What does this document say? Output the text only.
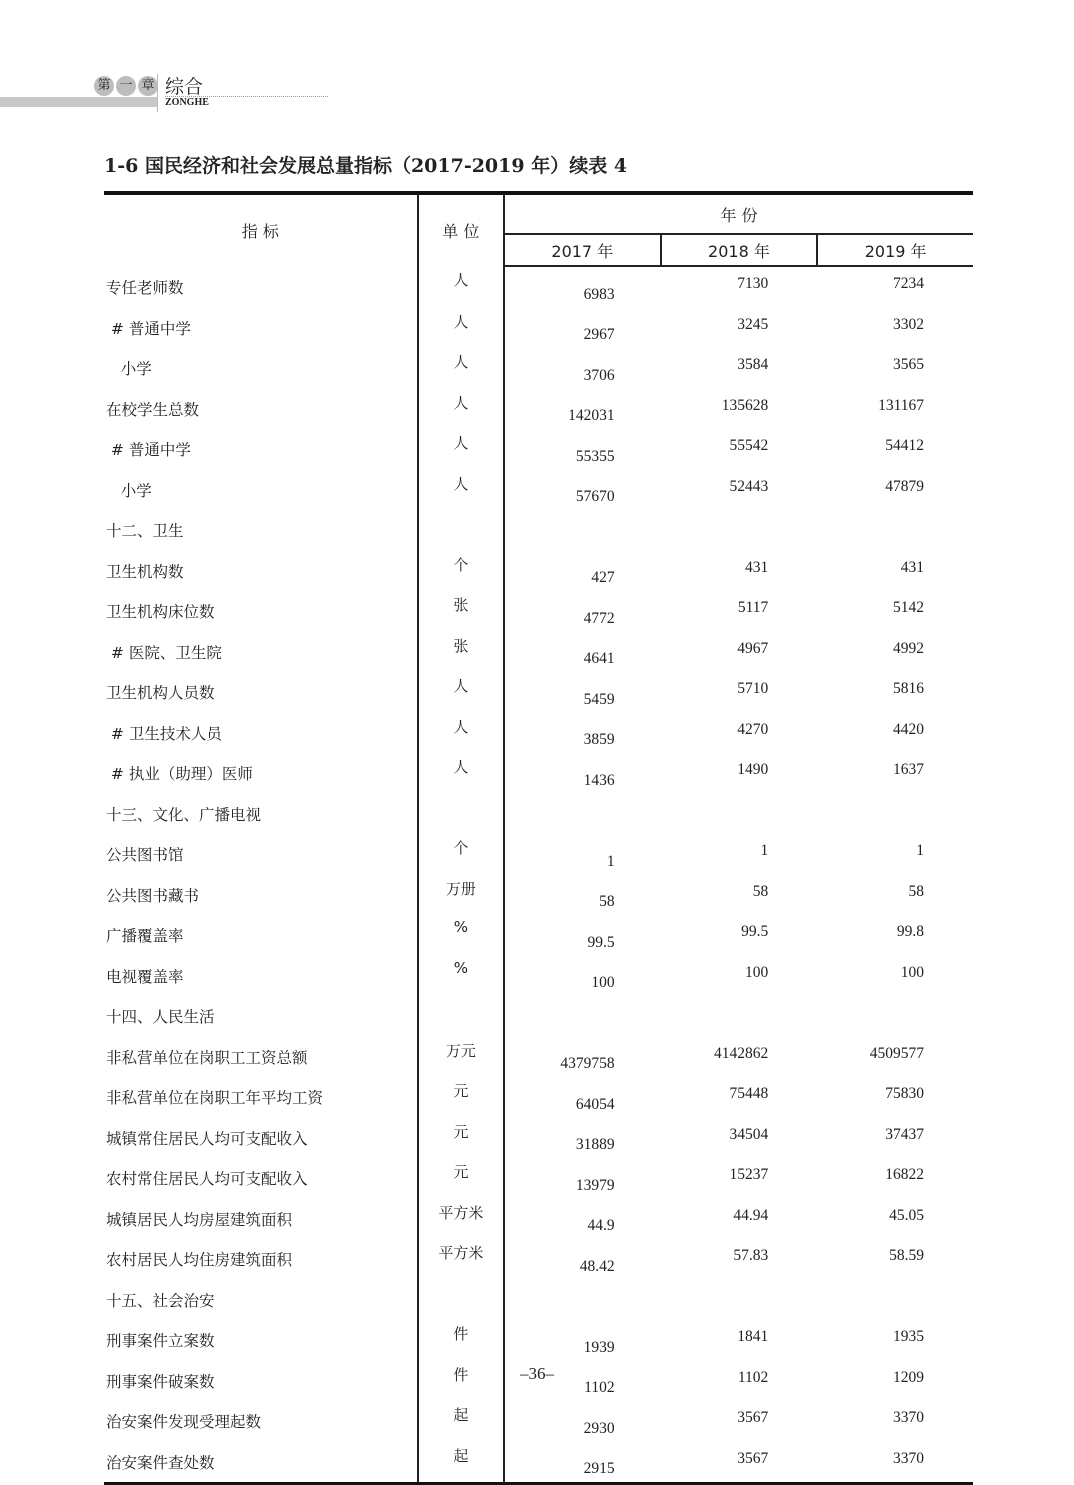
第 一 章 综合
ZONGHE
1-6 国民经济和社会发展总量指标（2017-2019 年）续表 4
指 标	单 位	年 份		
		2017 年	2018 年	2019 年
专任老师数	人	6983	7130	7234
# 普通中学	人	2967	3245	3302
小学	人	3706	3584	3565
在校学生总数	人	142031	135628	131167
# 普通中学	人	55355	55542	54412
小学	人	57670	52443	47879
十二、卫生				
卫生机构数	个	427	431	431
卫生机构床位数	张	4772	5117	5142
# 医院、卫生院	张	4641	4967	4992
卫生机构人员数	人	5459	5710	5816
# 卫生技术人员	人	3859	4270	4420
# 执业（助理）医师	人	1436	1490	1637
十三、文化、广播电视				
公共图书馆	个	1	1	1
公共图书藏书	万册	58	58	58
广播覆盖率	%	99.5	99.5	99.8
电视覆盖率	%	100	100	100
十四、人民生活				
非私营单位在岗职工工资总额	万元	4379758	4142862	4509577
非私营单位在岗职工年平均工资	元	64054	75448	75830
城镇常住居民人均可支配收入	元	31889	34504	37437
农村常住居民人均可支配收入	元	13979	15237	16822
城镇居民人均房屋建筑面积	平方米	44.9	44.94	45.05
农村居民人均住房建筑面积	平方米	48.42	57.83	58.59
十五、社会治安				
刑事案件立案数	件	1939	1841	1935
刑事案件破案数	件	1102	1102	1209
治安案件发现受理起数	起	2930	3567	3370
治安案件查处数	起	2915	3567	3370
–36–
